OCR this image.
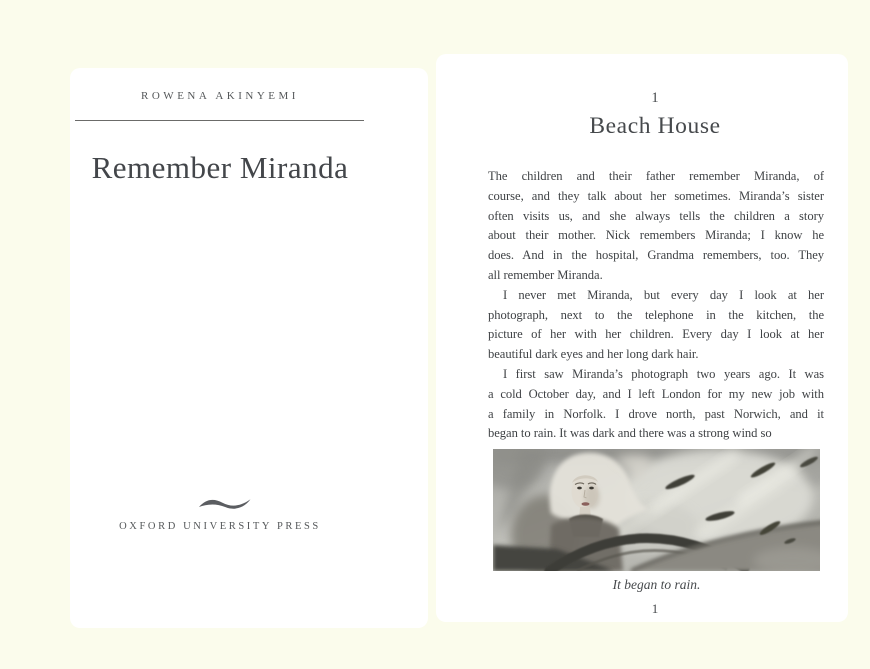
ROWENA AKINYEMI
Remember Miranda
OXFORD UNIVERSITY PRESS
1
Beach House

The children and their father remember Miranda, of
course, and they talk about her sometimes. Miranda’s sister
often visits us, and she always tells the children a story
about their mother. Nick remembers Miranda; I know he
does. And in the hospital, Grandma remembers, too. They
all remember Miranda.

I never met Miranda, but every day I look at her
photograph, next to the telephone in the kitchen, the
picture of her with her children. Every day I look at her
beautiful dark eyes and her long dark hair.

I first saw Miranda’s photograph two years ago. It was
a cold October day, and I left London for my new job with
a family in Norfolk. I drove north, past Norwich, and it
began to rain. It was dark and there was a strong wind so

It began to rain.
1
